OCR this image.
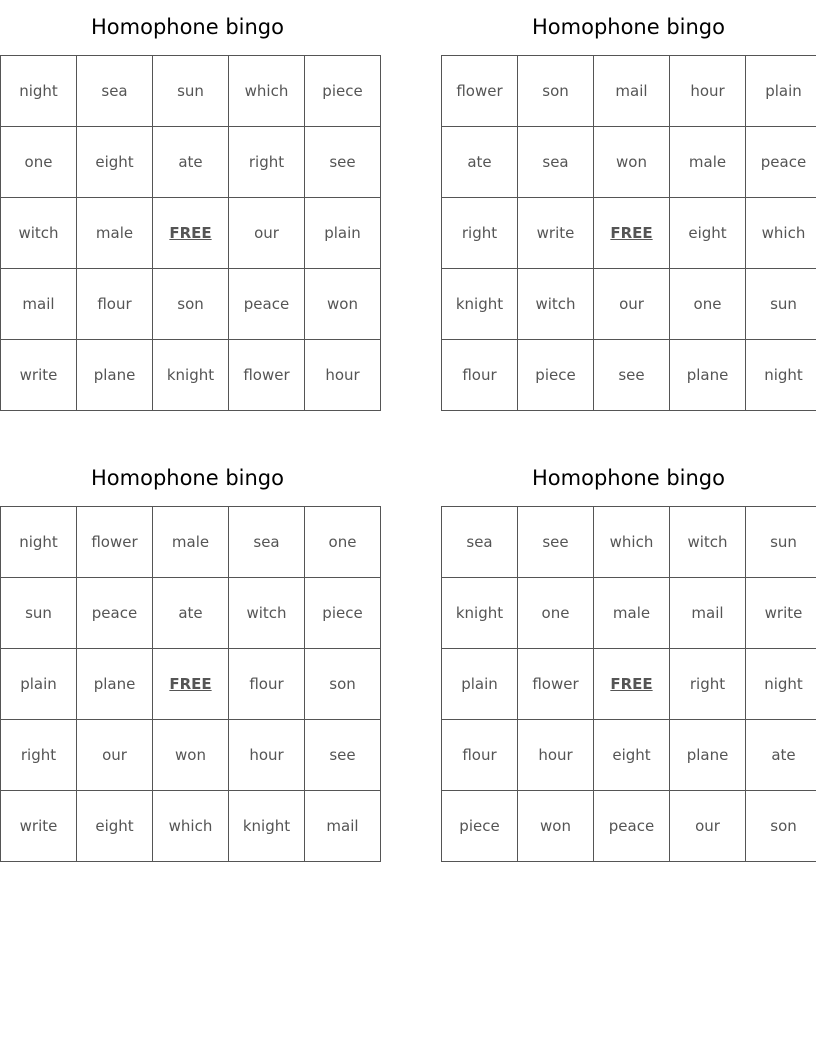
Homophone bingo
night	sea	sun	which	piece
one	eight	ate	right	see
witch	male	FREE	our	plain
mail	flour	son	peace	won
write	plane	knight	flower	hour
Homophone bingo
flower	son	mail	hour	plain
ate	sea	won	male	peace
right	write	FREE	eight	which
knight	witch	our	one	sun
flour	piece	see	plane	night
Homophone bingo
night	flower	male	sea	one
sun	peace	ate	witch	piece
plain	plane	FREE	flour	son
right	our	won	hour	see
write	eight	which	knight	mail
Homophone bingo
sea	see	which	witch	sun
knight	one	male	mail	write
plain	flower	FREE	right	night
flour	hour	eight	plane	ate
piece	won	peace	our	son
